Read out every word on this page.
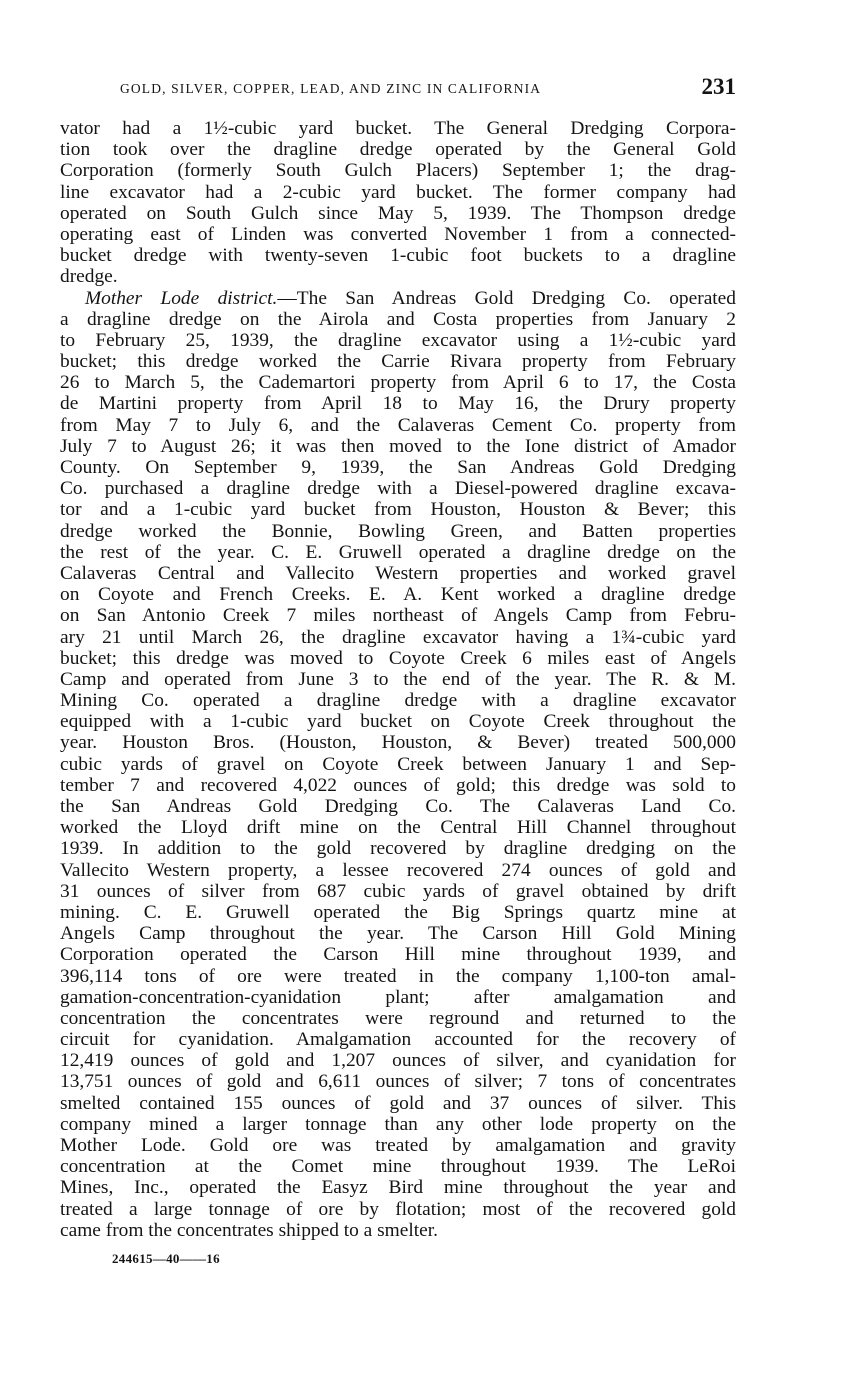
GOLD, SILVER, COPPER, LEAD, AND ZINC IN CALIFORNIA	231
vator had a 1½-cubic yard bucket. The General Dredging Corpora-
tion took over the dragline dredge operated by the General Gold
Corporation (formerly South Gulch Placers) September 1; the drag-
line excavator had a 2-cubic yard bucket. The former company had
operated on South Gulch since May 5, 1939. The Thompson dredge
operating east of Linden was converted November 1 from a connected-
bucket dredge with twenty-seven 1-cubic foot buckets to a dragline
dredge.
Mother Lode district.—The San Andreas Gold Dredging Co. operated
a dragline dredge on the Airola and Costa properties from January 2
to February 25, 1939, the dragline excavator using a 1½-cubic yard
bucket; this dredge worked the Carrie Rivara property from February
26 to March 5, the Cademartori property from April 6 to 17, the Costa
de Martini property from April 18 to May 16, the Drury property
from May 7 to July 6, and the Calaveras Cement Co. property from
July 7 to August 26; it was then moved to the Ione district of Amador
County. On September 9, 1939, the San Andreas Gold Dredging
Co. purchased a dragline dredge with a Diesel-powered dragline excava-
tor and a 1-cubic yard bucket from Houston, Houston & Bever; this
dredge worked the Bonnie, Bowling Green, and Batten properties
the rest of the year. C. E. Gruwell operated a dragline dredge on the
Calaveras Central and Vallecito Western properties and worked gravel
on Coyote and French Creeks. E. A. Kent worked a dragline dredge
on San Antonio Creek 7 miles northeast of Angels Camp from Febru-
ary 21 until March 26, the dragline excavator having a 1¾-cubic yard
bucket; this dredge was moved to Coyote Creek 6 miles east of Angels
Camp and operated from June 3 to the end of the year. The R. & M.
Mining Co. operated a dragline dredge with a dragline excavator
equipped with a 1-cubic yard bucket on Coyote Creek throughout the
year. Houston Bros. (Houston, Houston, & Bever) treated 500,000
cubic yards of gravel on Coyote Creek between January 1 and Sep-
tember 7 and recovered 4,022 ounces of gold; this dredge was sold to
the San Andreas Gold Dredging Co. The Calaveras Land Co.
worked the Lloyd drift mine on the Central Hill Channel throughout
1939. In addition to the gold recovered by dragline dredging on the
Vallecito Western property, a lessee recovered 274 ounces of gold and
31 ounces of silver from 687 cubic yards of gravel obtained by drift
mining. C. E. Gruwell operated the Big Springs quartz mine at
Angels Camp throughout the year. The Carson Hill Gold Mining
Corporation operated the Carson Hill mine throughout 1939, and
396,114 tons of ore were treated in the company 1,100-ton amal-
gamation-concentration-cyanidation plant; after amalgamation and
concentration the concentrates were reground and returned to the
circuit for cyanidation. Amalgamation accounted for the recovery of
12,419 ounces of gold and 1,207 ounces of silver, and cyanidation for
13,751 ounces of gold and 6,611 ounces of silver; 7 tons of concentrates
smelted contained 155 ounces of gold and 37 ounces of silver. This
company mined a larger tonnage than any other lode property on the
Mother Lode. Gold ore was treated by amalgamation and gravity
concentration at the Comet mine throughout 1939. The LeRoi
Mines, Inc., operated the Easyz Bird mine throughout the year and
treated a large tonnage of ore by flotation; most of the recovered gold
came from the concentrates shipped to a smelter.
244615—40——16
